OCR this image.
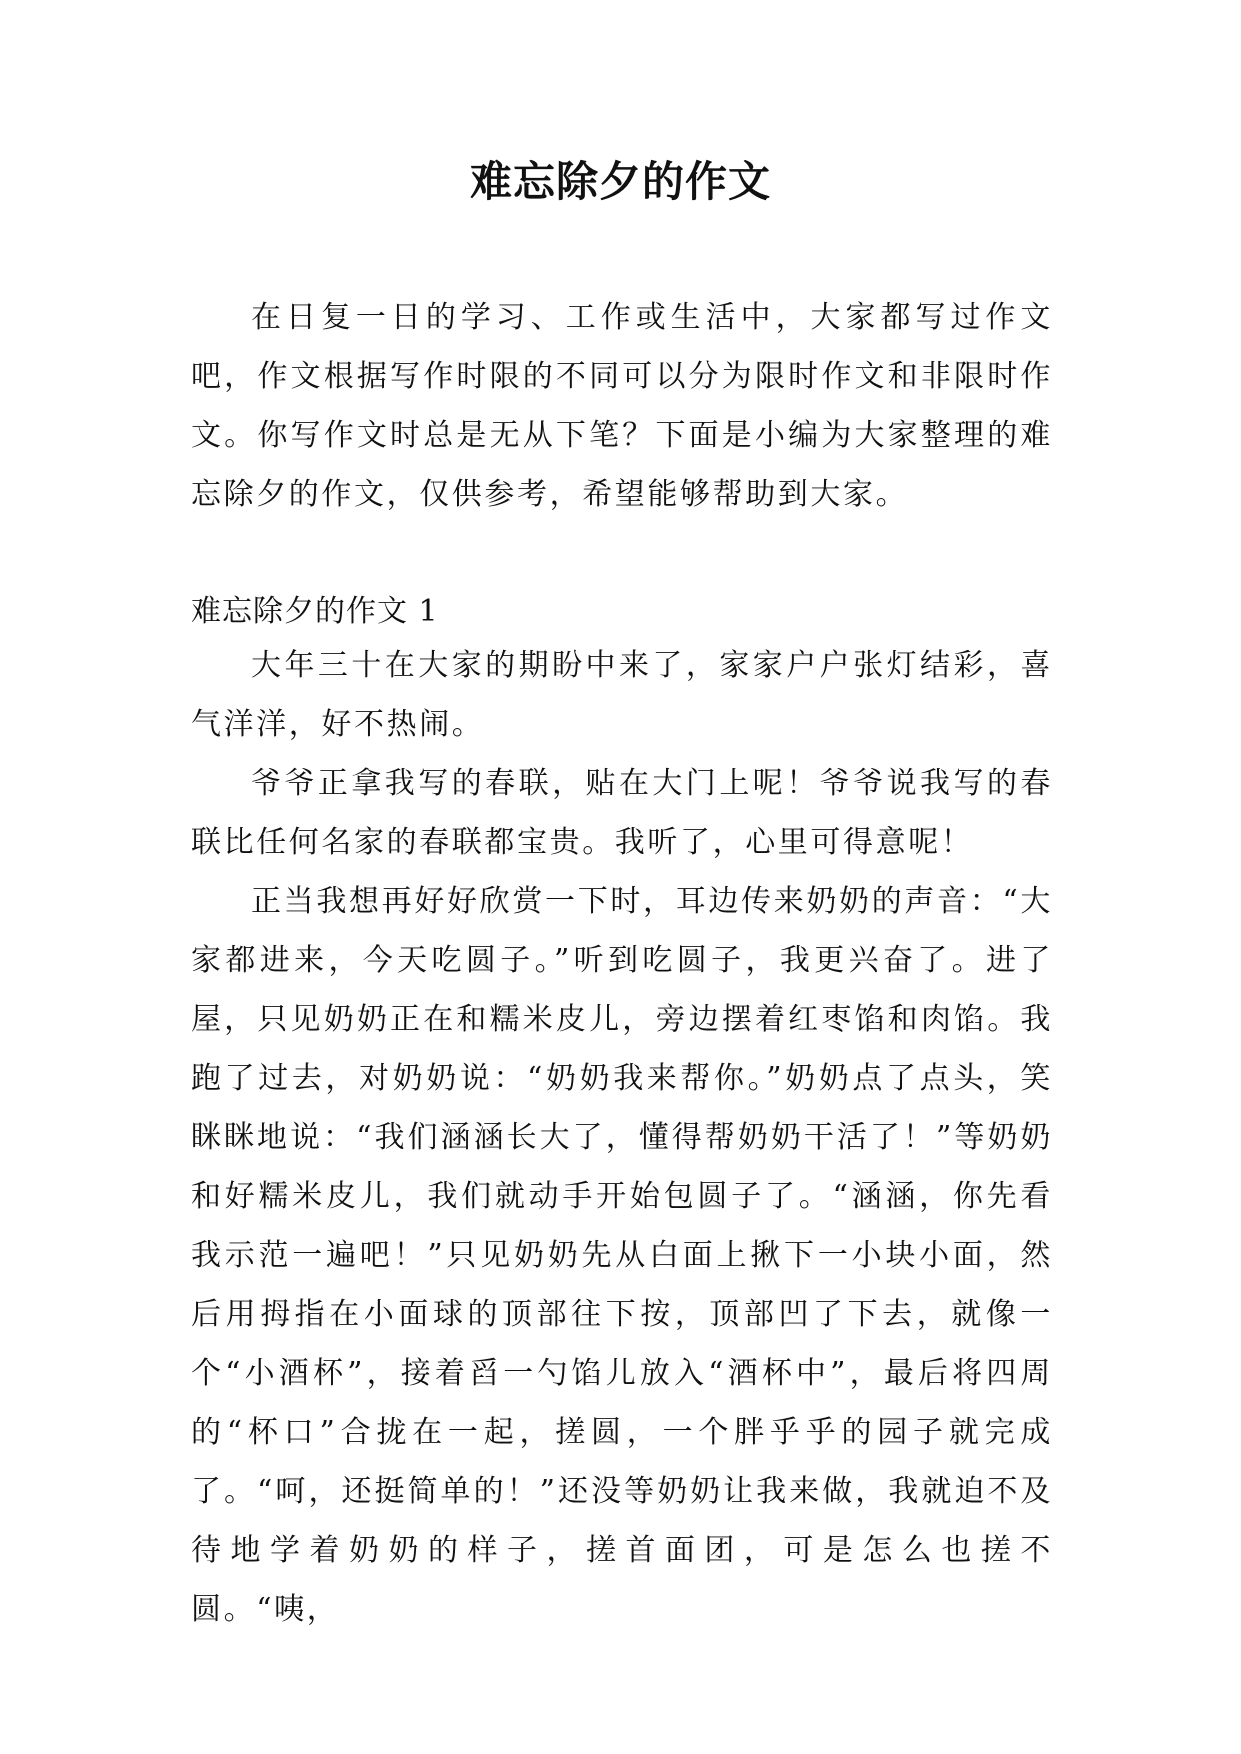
难忘除夕的作文

在日复一日的学习、工作或生活中，大家都写过作文吧，作文根据写作时限的不同可以分为限时作文和非限时作文。你写作文时总是无从下笔？下面是小编为大家整理的难忘除夕的作文，仅供参考，希望能够帮助到大家。

难忘除夕的作文 1

大年三十在大家的期盼中来了，家家户户张灯结彩，喜气洋洋，好不热闹。

爷爷正拿我写的春联，贴在大门上呢！爷爷说我写的春联比任何名家的春联都宝贵。我听了，心里可得意呢！

正当我想再好好欣赏一下时，耳边传来奶奶的声音：“大家都进来，今天吃圆子。”听到吃圆子，我更兴奋了。进了屋，只见奶奶正在和糯米皮儿，旁边摆着红枣馅和肉馅。我跑了过去，对奶奶说：“奶奶我来帮你。”奶奶点了点头，笑眯眯地说：“我们涵涵长大了，懂得帮奶奶干活了！”等奶奶和好糯米皮儿，我们就动手开始包圆子了。“涵涵，你先看我示范一遍吧！”只见奶奶先从白面上揪下一小块小面，然后用拇指在小面球的顶部往下按，顶部凹了下去，就像一个“小酒杯”，接着舀一勺馅儿放入“酒杯中”，最后将四周的“杯口”合拢在一起，搓圆，一个胖乎乎的园子就完成了。“呵，还挺简单的！”还没等奶奶让我来做，我就迫不及待地学着奶奶的样子，搓首面团，可是怎么也搓不圆。“咦，
